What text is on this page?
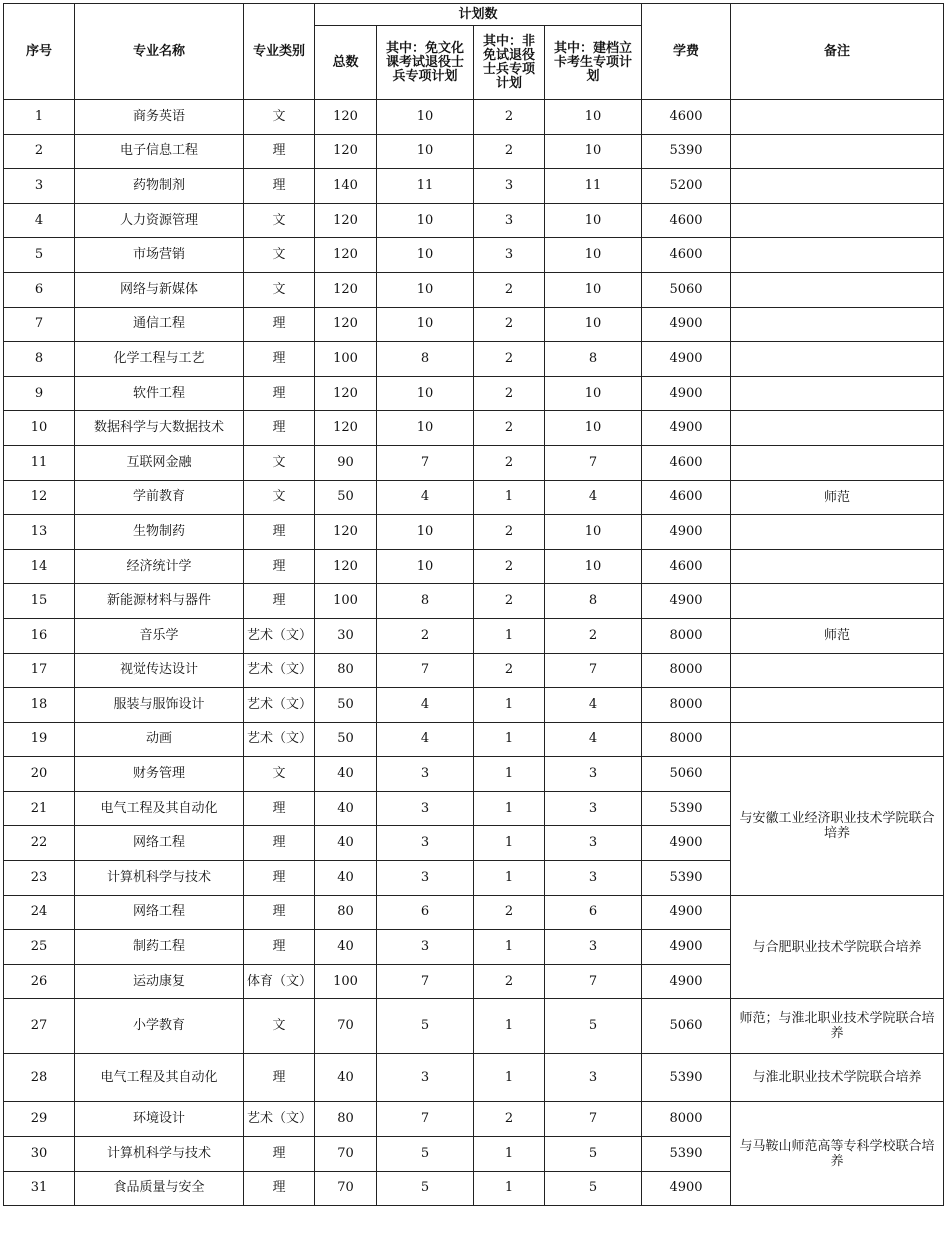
序号	专业名称	专业类别	计划数				学费	备注
			总数	其中：免文化课考试退役士兵专项计划	其中：非免试退役士兵专项计划	其中：建档立卡考生专项计划		
1	商务英语	文	120	10	2	10	4600	
2	电子信息工程	理	120	10	2	10	5390	
3	药物制剂	理	140	11	3	11	5200	
4	人力资源管理	文	120	10	3	10	4600	
5	市场营销	文	120	10	3	10	4600	
6	网络与新媒体	文	120	10	2	10	5060	
7	通信工程	理	120	10	2	10	4900	
8	化学工程与工艺	理	100	8	2	8	4900	
9	软件工程	理	120	10	2	10	4900	
10	数据科学与大数据技术	理	120	10	2	10	4900	
11	互联网金融	文	90	7	2	7	4600	
12	学前教育	文	50	4	1	4	4600	师范
13	生物制药	理	120	10	2	10	4900	
14	经济统计学	理	120	10	2	10	4600	
15	新能源材料与器件	理	100	8	2	8	4900	
16	音乐学	艺术（文）	30	2	1	2	8000	师范
17	视觉传达设计	艺术（文）	80	7	2	7	8000	
18	服装与服饰设计	艺术（文）	50	4	1	4	8000	
19	动画	艺术（文）	50	4	1	4	8000	
20	财务管理	文	40	3	1	3	5060	与安徽工业经济职业技术学院联合培养
21	电气工程及其自动化	理	40	3	1	3	5390	
22	网络工程	理	40	3	1	3	4900	
23	计算机科学与技术	理	40	3	1	3	5390	
24	网络工程	理	80	6	2	6	4900	与合肥职业技术学院联合培养
25	制药工程	理	40	3	1	3	4900	
26	运动康复	体育（文）	100	7	2	7	4900	
27	小学教育	文	70	5	1	5	5060	师范；与淮北职业技术学院联合培养
28	电气工程及其自动化	理	40	3	1	3	5390	与淮北职业技术学院联合培养
29	环境设计	艺术（文）	80	7	2	7	8000	与马鞍山师范高等专科学校联合培养
30	计算机科学与技术	理	70	5	1	5	5390	
31	食品质量与安全	理	70	5	1	5	4900	
